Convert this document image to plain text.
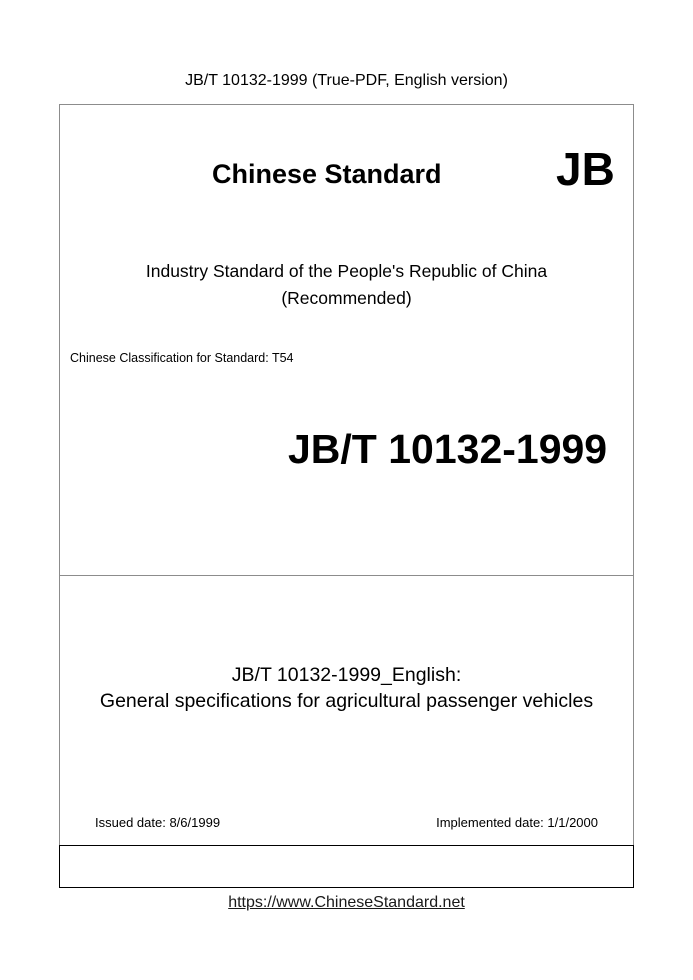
JB/T 10132-1999 (True-PDF, English version)
Chinese Standard JB
Industry Standard of the People's Republic of China
(Recommended)
Chinese Classification for Standard: T54
JB/T 10132-1999
JB/T 10132-1999_English:
General specifications for agricultural passenger vehicles
Issued date: 8/6/1999	Implemented date: 1/1/2000
https://www.ChineseStandard.net
